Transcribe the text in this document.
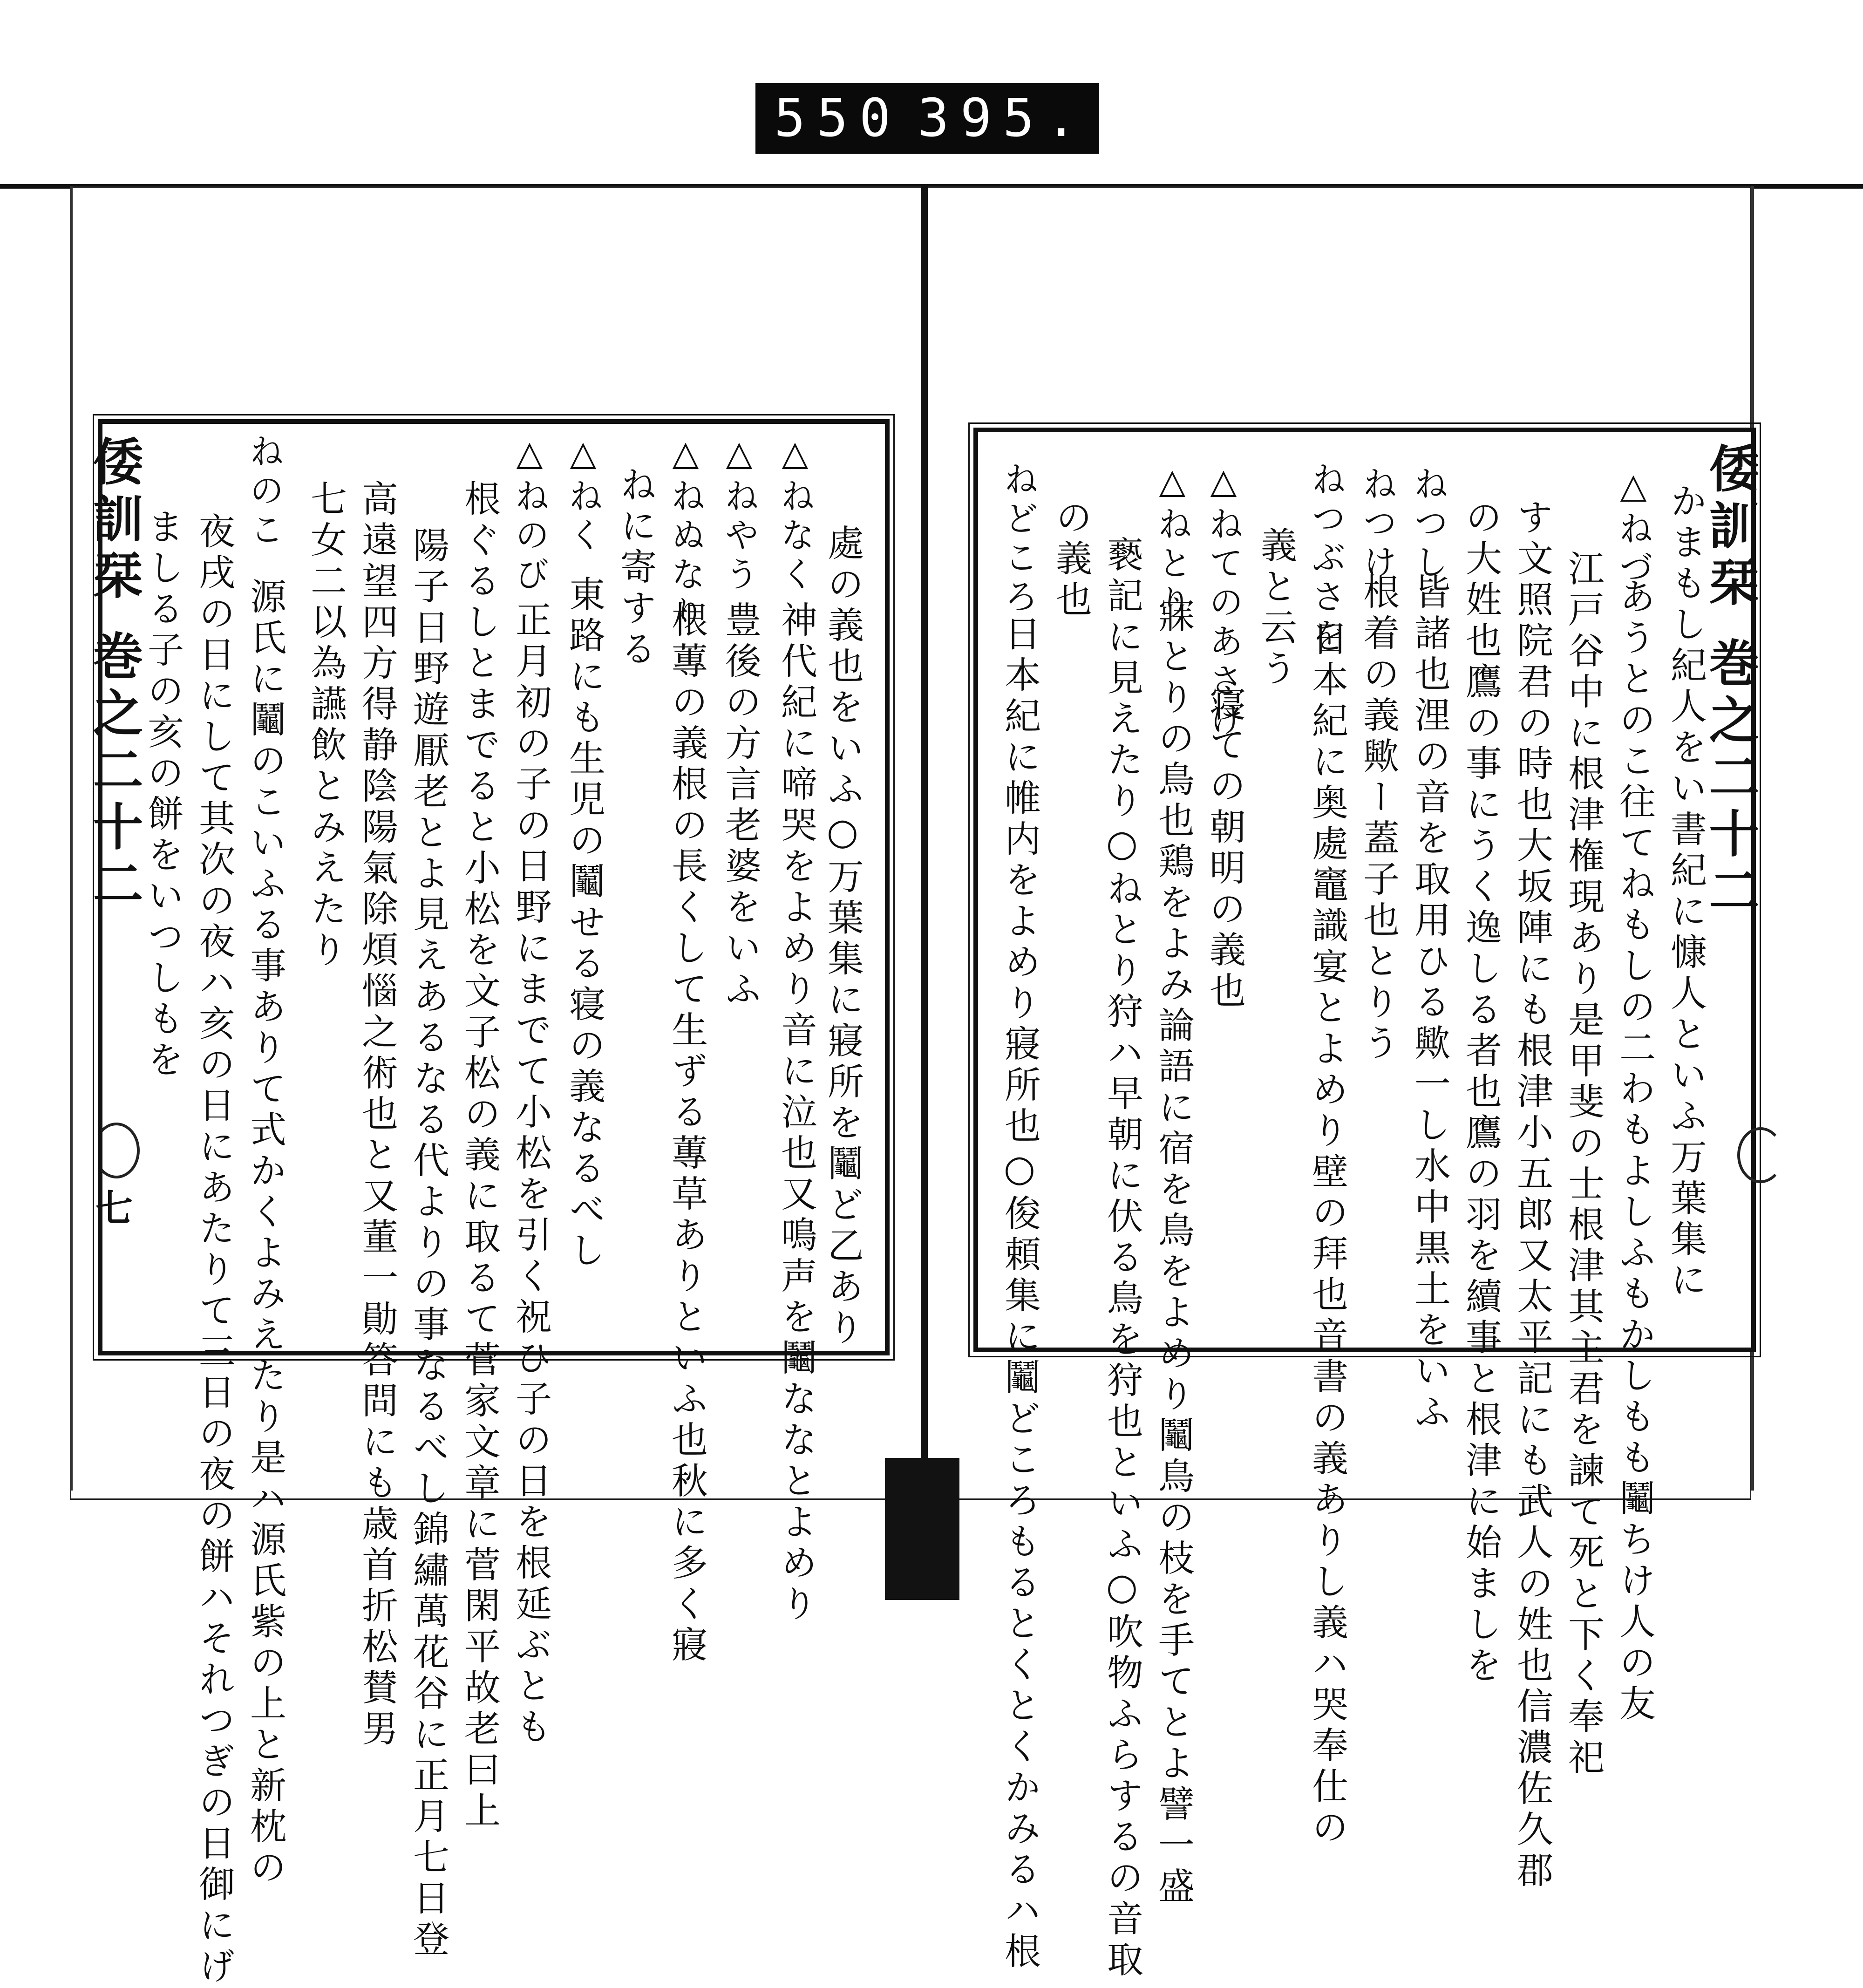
550 395.
倭訓栞 巻之二十二
七	處の義也をいふ○万葉集に寢所を鬮ど乙あり
△ねなく
神代紀に啼哭をよめり音に泣也又鳴声を鬮ななとよめり
△ねやう
豊後の方言老婆をいふ
△ねぬなり
根蓴の義根の長くして生ずる蓴草ありといふ也秋に多く寢
ねに寄する
△ねく
東路にも生児の鬮せる寝の義なるべし
△ねのび
正月初の子の日野にまでて小松を引く祝ひ子の日を根延ぶとも
根ぐるしとまでると小松を文子松の義に取るて菅家文章に菅閑平故老曰上
陽子日野遊厭老とよ見えあるなる代よりの事なるべし錦繡萬花谷に正月七日登
高遠望四方得静陰陽氣除煩惱之術也と又董一勛答問にも歳首折松賛男
七女二以為讌飲とみえたり
ねのこ
源氏に鬮のこいふる事ありて式かくよみえたり是ハ源氏紫の上と新枕の
夜戌の日にして其次の夜ハ亥の日にあたりて三日の夜の餅ハそれつぎの日御にげ
ましる子の亥の餅をいつしもを	倭訓栞 巻之二十二
かまもし紀人をい書紀に慷人といふ万葉集に
△ねづ
あうとのこ往てねもしの二わもよしふもかしもも鬮ちけ人の友
江戸谷中に根津権現あり是甲斐の士根津其主君を諫て死と下く奉祀
す文照院君の時也大坂陣にも根津小五郎又太平記にも武人の姓也信濃佐久郡
の大姓也鷹の事にうく逸しる者也鷹の羽を續事と根津に始ましを
ねつし
皆諸也浬の音を取用ひる歟一し水中黒土をいふ
ねつけ
根着の義歟ー蓋子也とりう
ねつぶさを
日本紀に奥處竈識宴とよめり壁の拜也音書の義ありし義ハ哭奉仕の
義と云う
△ねてのあさけ
寝ての朝明の義也
△ねとり
寐とりの鳥也鶏をよみ論語に宿を鳥をよめり鬮鳥の枝を手てとよ譬一盛
褻記に見えたり○ねとり狩ハ早朝に伏る鳥を狩也といふ○吹物ふらするの音取
の義也
ねどころ
日本紀に帷内をよめり寢所也○俊頼集に鬮どころもるとくとくかみるハ根
